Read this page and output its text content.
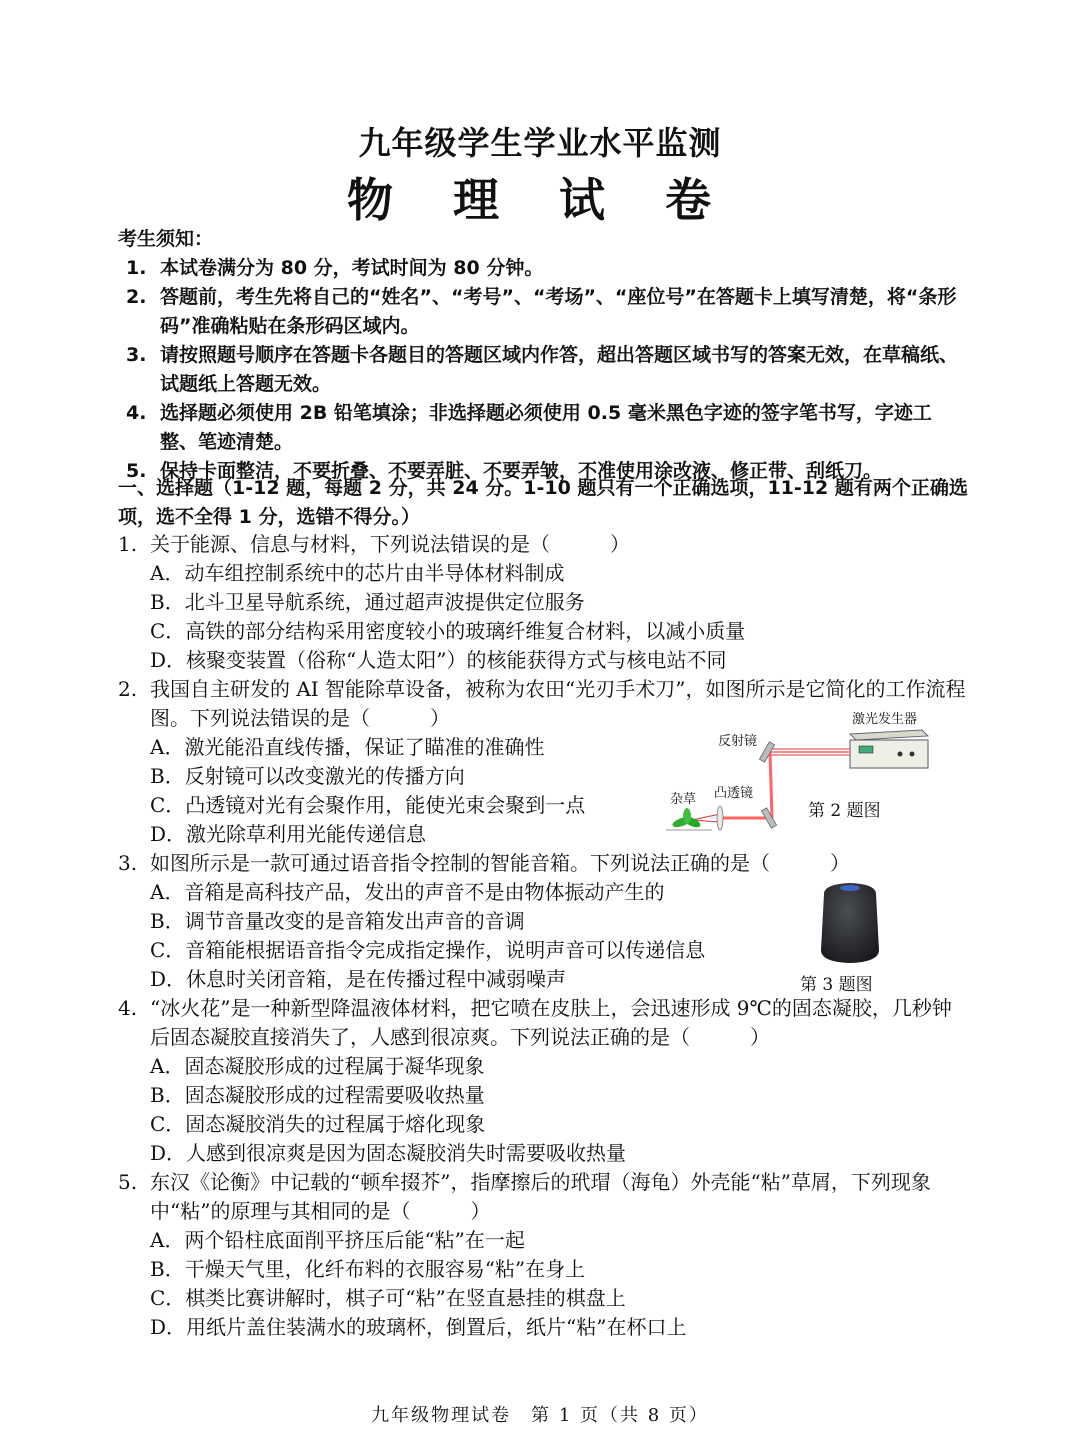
九年级学生学业水平监测
物 理 试 卷
考生须知：
1. 本试卷满分为 80 分，考试时间为 80 分钟。
2. 答题前，考生先将自己的“姓名”、“考号”、“考场”、“座位号”在答题卡上填写清楚，将“条形码”准确粘贴在条形码区域内。
3. 请按照题号顺序在答题卡各题目的答题区域内作答，超出答题区域书写的答案无效，在草稿纸、试题纸上答题无效。
4. 选择题必须使用 2B 铅笔填涂；非选择题必须使用 0.5 毫米黑色字迹的签字笔书写，字迹工整、笔迹清楚。
5. 保持卡面整洁，不要折叠、不要弄脏、不要弄皱，不准使用涂改液、修正带、刮纸刀。
一、选择题（1-12 题，每题 2 分，共 24 分。1-10 题只有一个正确选项，11-12 题有两个正确选项，选不全得 1 分，选错不得分。）
1. 关于能源、信息与材料，下列说法错误的是（　　　）
A．动车组控制系统中的芯片由半导体材料制成
B．北斗卫星导航系统，通过超声波提供定位服务
C．高铁的部分结构采用密度较小的玻璃纤维复合材料，以减小质量
D．核聚变装置（俗称“人造太阳”）的核能获得方式与核电站不同
2. 我国自主研发的 AI 智能除草设备，被称为农田“光刃手术刀”，如图所示是它简化的工作流程图。下列说法错误的是（　　　）
A．激光能沿直线传播，保证了瞄准的准确性
B．反射镜可以改变激光的传播方向
C．凸透镜对光有会聚作用，能使光束会聚到一点
D．激光除草利用光能传递信息
3. 如图所示是一款可通过语音指令控制的智能音箱。下列说法正确的是（　　　）
A．音箱是高科技产品，发出的声音不是由物体振动产生的
B．调节音量改变的是音箱发出声音的音调
C．音箱能根据语音指令完成指定操作，说明声音可以传递信息
D．休息时关闭音箱，是在传播过程中减弱噪声
4. “冰火花”是一种新型降温液体材料，把它喷在皮肤上，会迅速形成 9℃的固态凝胶，几秒钟后固态凝胶直接消失了，人感到很凉爽。下列说法正确的是（　　　）
A．固态凝胶形成的过程属于凝华现象
B．固态凝胶形成的过程需要吸收热量
C．固态凝胶消失的过程属于熔化现象
D．人感到很凉爽是因为固态凝胶消失时需要吸收热量
5. 东汉《论衡》中记载的“顿牟掇芥”，指摩擦后的玳瑁（海龟）外壳能“粘”草屑，下列现象中“粘”的原理与其相同的是（　　　）
A．两个铅柱底面削平挤压后能“粘”在一起
B．干燥天气里，化纤布料的衣服容易“粘”在身上
C．棋类比赛讲解时，棋子可“粘”在竖直悬挂的棋盘上
D．用纸片盖住装满水的玻璃杯，倒置后，纸片“粘”在杯口上
激光发生器
反射镜
凸透镜
杂草
第 2 题图
第 3 题图
九年级物理试卷　第 1 页（共 8 页）
